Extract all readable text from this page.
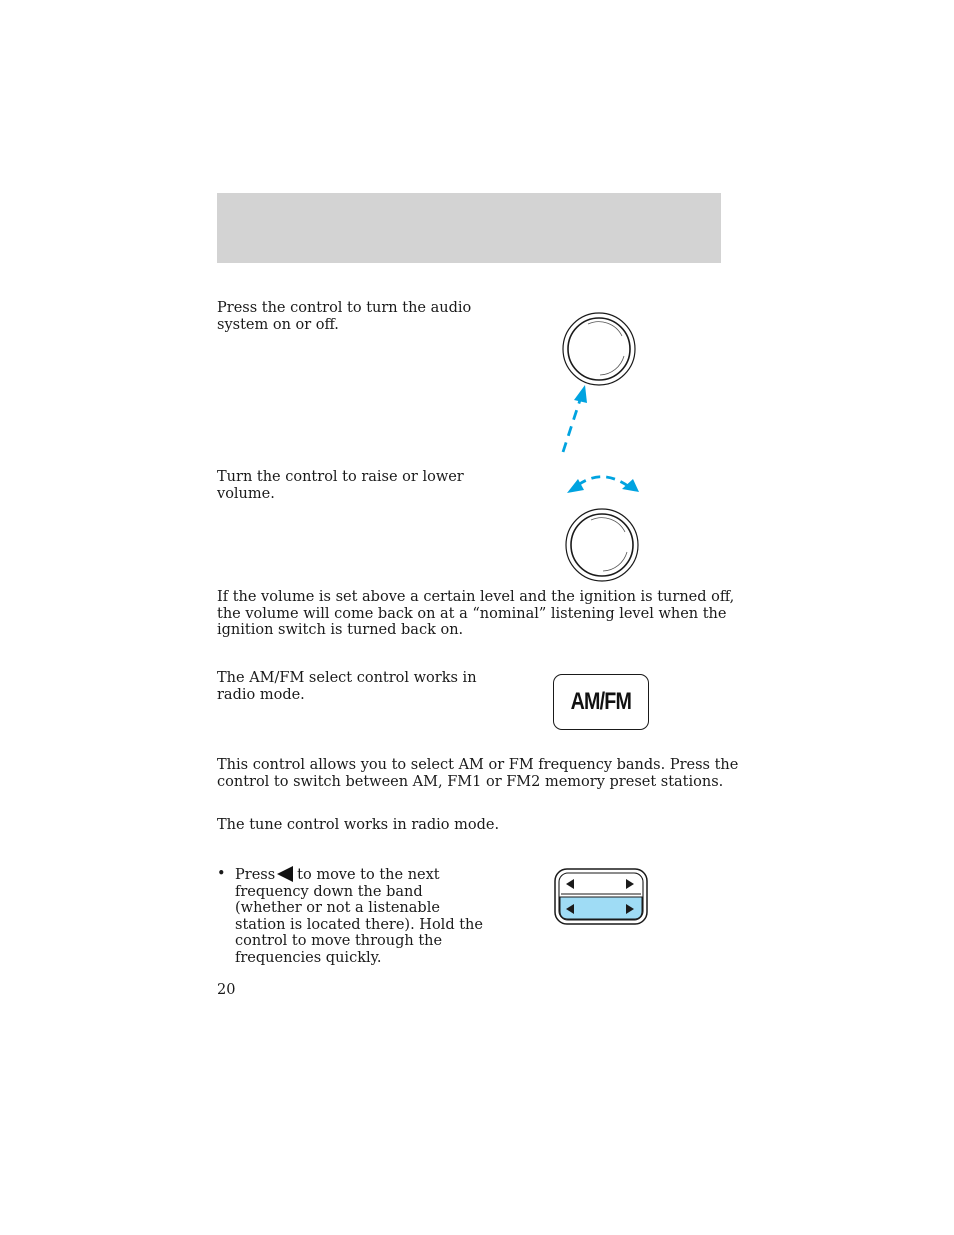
Press the control to turn the audio
system on or off.

Turn the control to raise or lower
volume.

If the volume is set above a certain level and the ignition is turned off,
the volume will come back on at a “nominal” listening level when the
ignition switch is turned back on.

The AM/FM select control works in
radio mode.	AM/FM

This control allows you to select AM or FM frequency bands. Press the
control to switch between AM, FM1 or FM2 memory preset stations.

The tune control works in radio mode.

• Press to move to the next
frequency down the band
(whether or not a listenable
station is located there). Hold the
control to move through the
frequencies quickly.
20
